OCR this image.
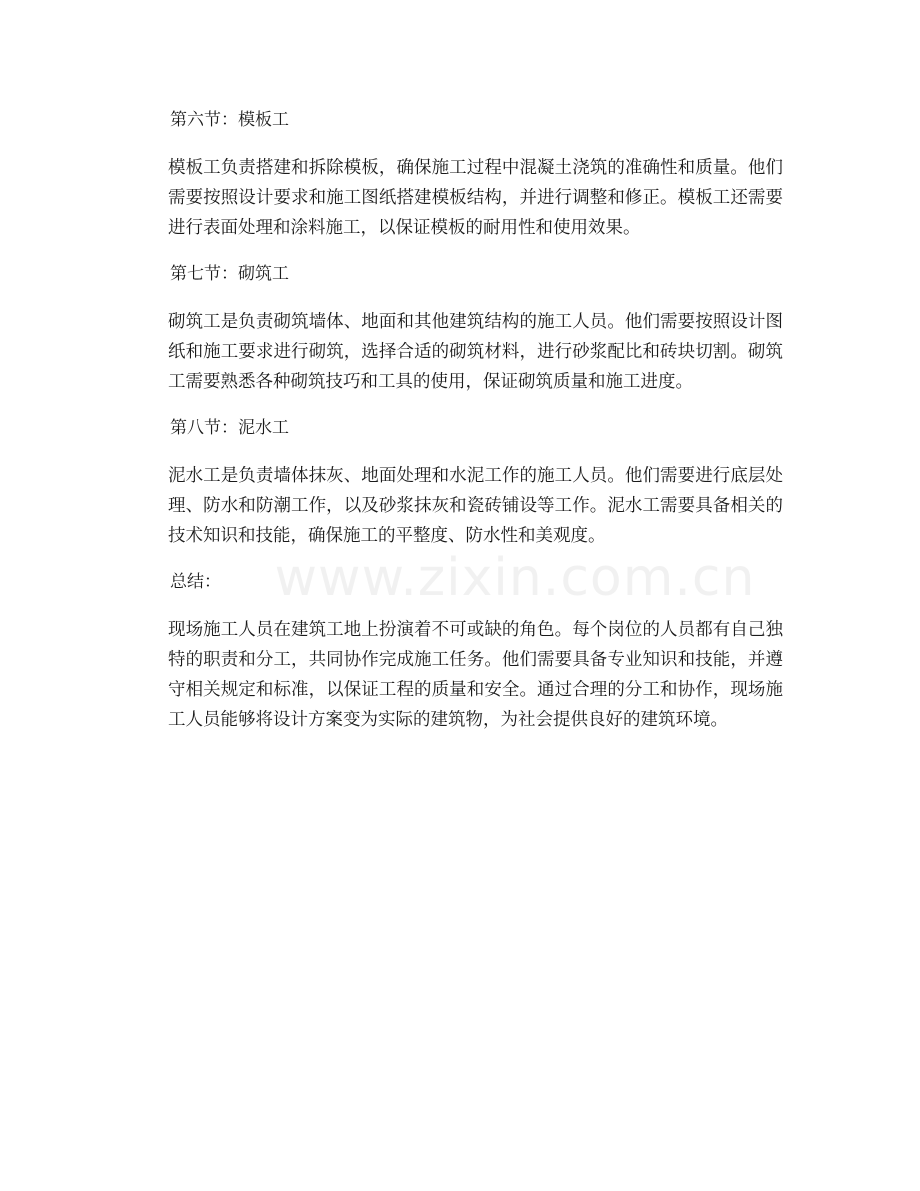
www.zixin.com.cn
第六节：模板工

模板工负责搭建和拆除模板，确保施工过程中混凝土浇筑的准确性和质量。他们需要按照设计要求和施工图纸搭建模板结构，并进行调整和修正。模板工还需要进行表面处理和涂料施工，以保证模板的耐用性和使用效果。

第七节：砌筑工

砌筑工是负责砌筑墙体、地面和其他建筑结构的施工人员。他们需要按照设计图纸和施工要求进行砌筑，选择合适的砌筑材料，进行砂浆配比和砖块切割。砌筑工需要熟悉各种砌筑技巧和工具的使用，保证砌筑质量和施工进度。

第八节：泥水工

泥水工是负责墙体抹灰、地面处理和水泥工作的施工人员。他们需要进行底层处理、防水和防潮工作，以及砂浆抹灰和瓷砖铺设等工作。泥水工需要具备相关的技术知识和技能，确保施工的平整度、防水性和美观度。

总结：

现场施工人员在建筑工地上扮演着不可或缺的角色。每个岗位的人员都有自己独特的职责和分工，共同协作完成施工任务。他们需要具备专业知识和技能，并遵守相关规定和标准，以保证工程的质量和安全。通过合理的分工和协作，现场施工人员能够将设计方案变为实际的建筑物，为社会提供良好的建筑环境。
